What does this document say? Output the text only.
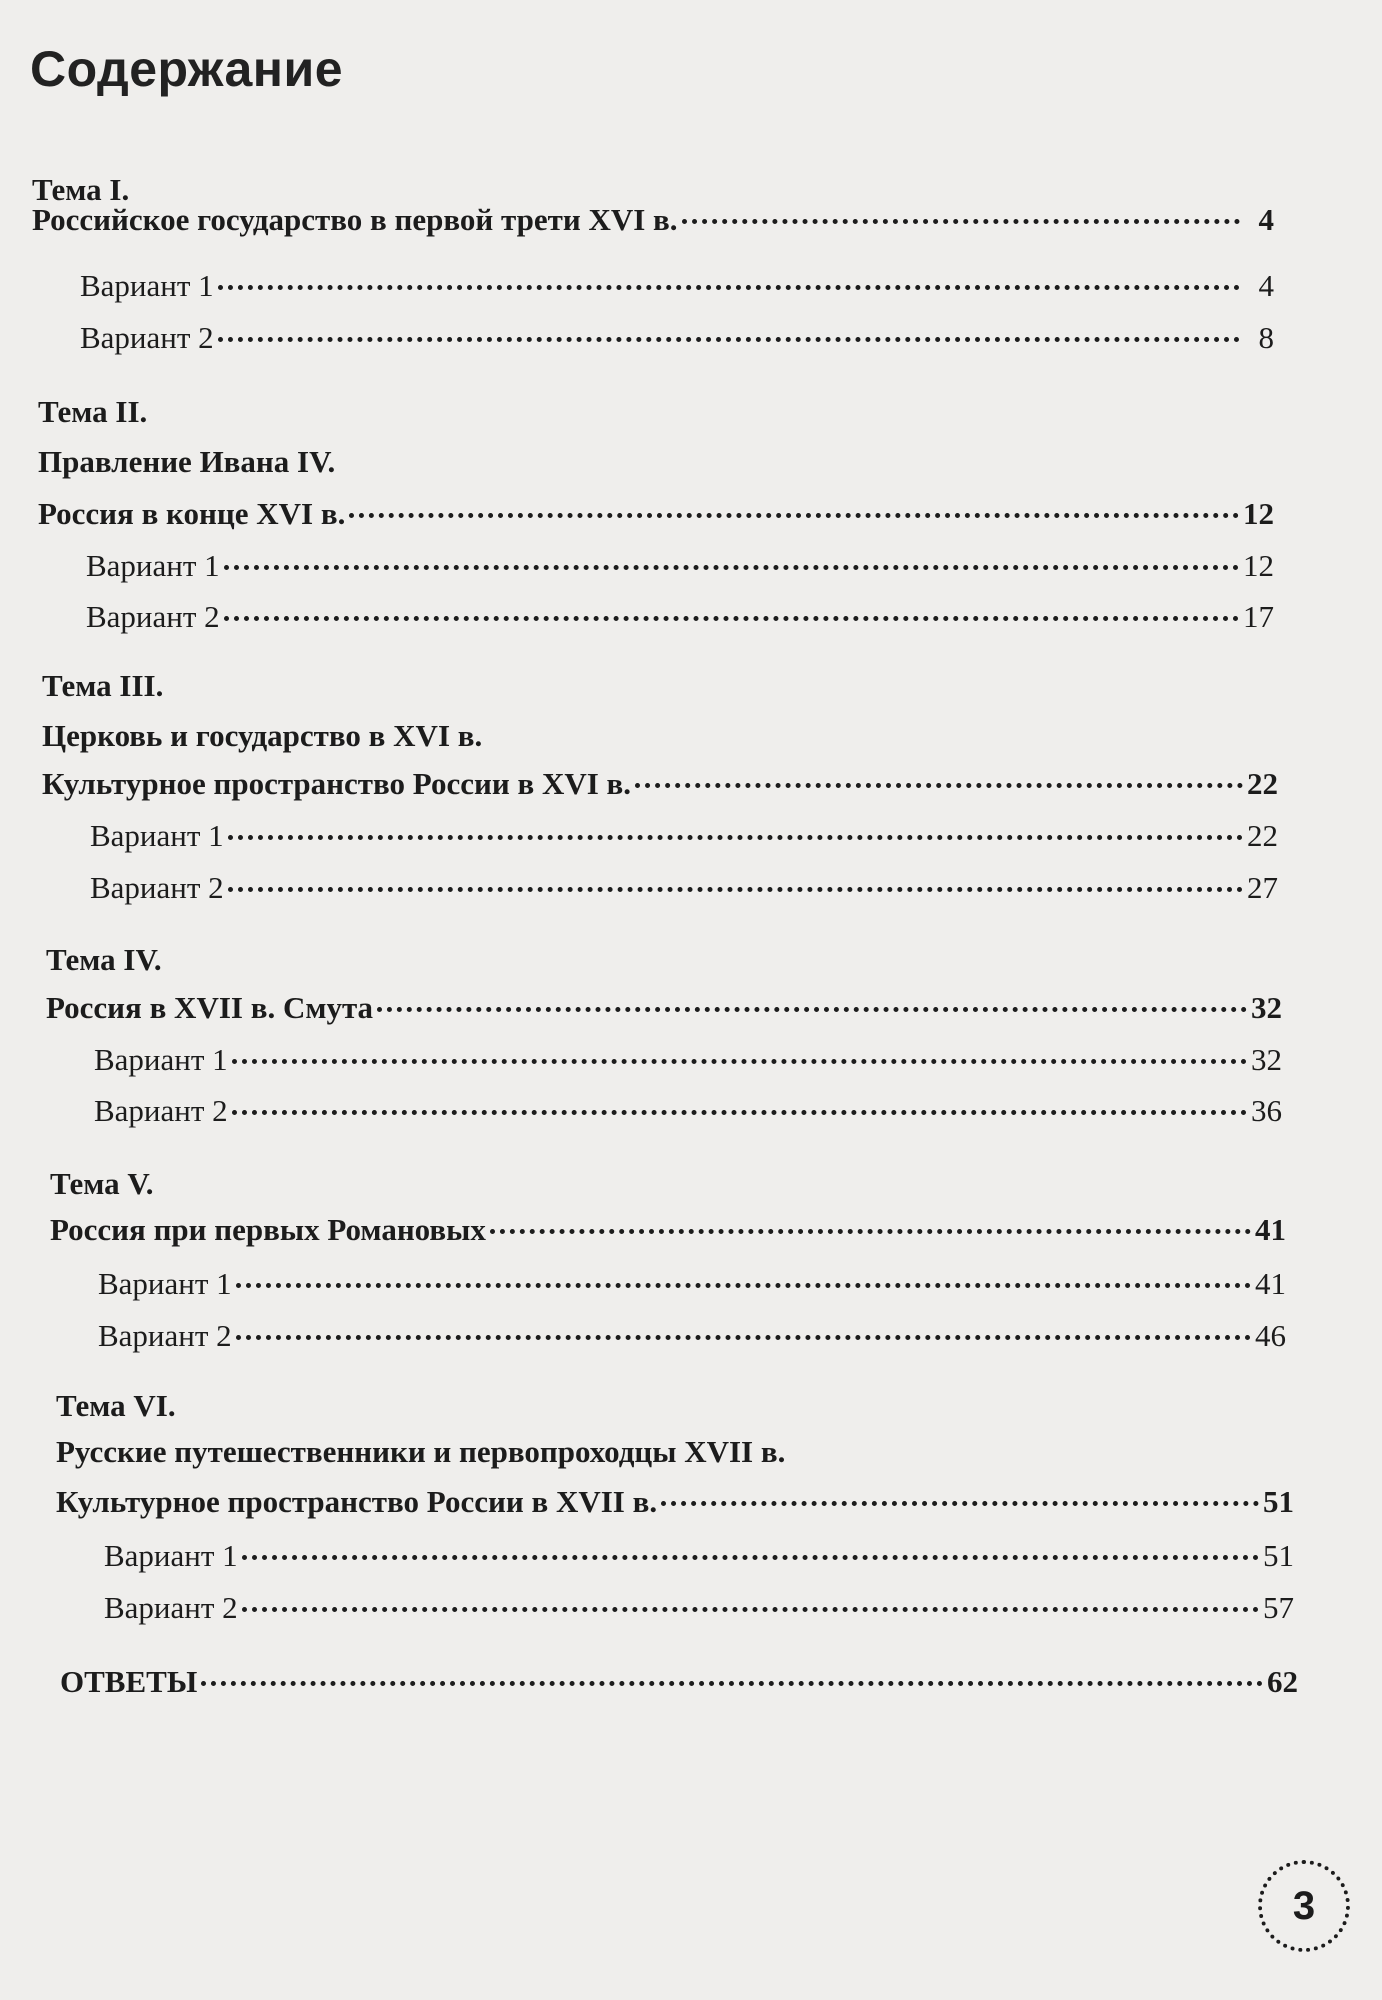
Содержание
Тема I.
Российское государство в первой трети XVI в.	4
Вариант 1	4
Вариант 2	8
Тема II.
Правление Ивана IV.
Россия в конце XVI в.	12
Вариант 1	12
Вариант 2	17
Тема III.
Церковь и государство в XVI в.
Культурное пространство России в XVI в.	22
Вариант 1	22
Вариант 2	27
Тема IV.
Россия в XVII в. Смута	32
Вариант 1	32
Вариант 2	36
Тема V.
Россия при первых Романовых	41
Вариант 1	41
Вариант 2	46
Тема VI.
Русские путешественники и первопроходцы XVII в.
Культурное пространство России в XVII в.	51
Вариант 1	51
Вариант 2	57
ОТВЕТЫ	62
3
